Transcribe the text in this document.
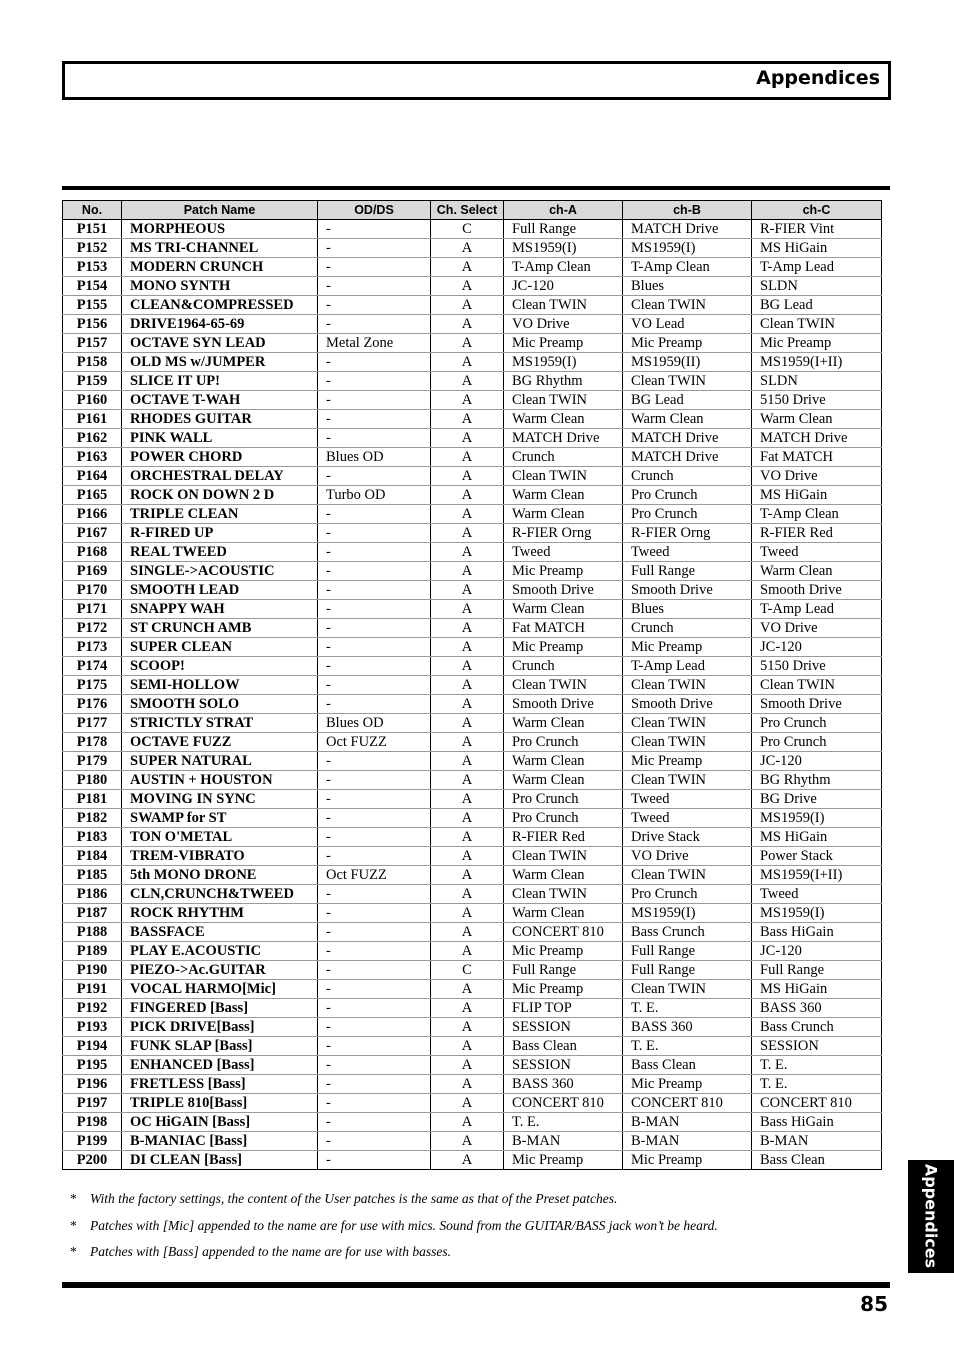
Appendices
No.	Patch Name	OD/DS	Ch. Select	ch-A	ch-B	ch-C
P151	MORPHEOUS	-	C	Full Range	MATCH Drive	R-FIER Vint
P152	MS TRI-CHANNEL	-	A	MS1959(I)	MS1959(I)	MS HiGain
P153	MODERN CRUNCH	-	A	T-Amp Clean	T-Amp Clean	T-Amp Lead
P154	MONO SYNTH	-	A	JC-120	Blues	SLDN
P155	CLEAN&COMPRESSED	-	A	Clean TWIN	Clean TWIN	BG Lead
P156	DRIVE1964-65-69	-	A	VO Drive	VO Lead	Clean TWIN
P157	OCTAVE SYN LEAD	Metal Zone	A	Mic Preamp	Mic Preamp	Mic Preamp
P158	OLD MS w/JUMPER	-	A	MS1959(I)	MS1959(II)	MS1959(I+II)
P159	SLICE IT UP!	-	A	BG Rhythm	Clean TWIN	SLDN
P160	OCTAVE T-WAH	-	A	Clean TWIN	BG Lead	5150 Drive
P161	RHODES GUITAR	-	A	Warm Clean	Warm Clean	Warm Clean
P162	PINK WALL	-	A	MATCH Drive	MATCH Drive	MATCH Drive
P163	POWER CHORD	Blues OD	A	Crunch	MATCH Drive	Fat MATCH
P164	ORCHESTRAL DELAY	-	A	Clean TWIN	Crunch	VO Drive
P165	ROCK ON DOWN 2 D	Turbo OD	A	Warm Clean	Pro Crunch	MS HiGain
P166	TRIPLE CLEAN	-	A	Warm Clean	Pro Crunch	T-Amp Clean
P167	R-FIRED UP	-	A	R-FIER Orng	R-FIER Orng	R-FIER Red
P168	REAL TWEED	-	A	Tweed	Tweed	Tweed
P169	SINGLE->ACOUSTIC	-	A	Mic Preamp	Full Range	Warm Clean
P170	SMOOTH LEAD	-	A	Smooth Drive	Smooth Drive	Smooth Drive
P171	SNAPPY WAH	-	A	Warm Clean	Blues	T-Amp Lead
P172	ST CRUNCH AMB	-	A	Fat MATCH	Crunch	VO Drive
P173	SUPER CLEAN	-	A	Mic Preamp	Mic Preamp	JC-120
P174	SCOOP!	-	A	Crunch	T-Amp Lead	5150 Drive
P175	SEMI-HOLLOW	-	A	Clean TWIN	Clean TWIN	Clean TWIN
P176	SMOOTH SOLO	-	A	Smooth Drive	Smooth Drive	Smooth Drive
P177	STRICTLY STRAT	Blues OD	A	Warm Clean	Clean TWIN	Pro Crunch
P178	OCTAVE FUZZ	Oct FUZZ	A	Pro Crunch	Clean TWIN	Pro Crunch
P179	SUPER NATURAL	-	A	Warm Clean	Mic Preamp	JC-120
P180	AUSTIN + HOUSTON	-	A	Warm Clean	Clean TWIN	BG Rhythm
P181	MOVING IN SYNC	-	A	Pro Crunch	Tweed	BG Drive
P182	SWAMP for ST	-	A	Pro Crunch	Tweed	MS1959(I)
P183	TON O'METAL	-	A	R-FIER Red	Drive Stack	MS HiGain
P184	TREM-VIBRATO	-	A	Clean TWIN	VO Drive	Power Stack
P185	5th MONO DRONE	Oct FUZZ	A	Warm Clean	Clean TWIN	MS1959(I+II)
P186	CLN,CRUNCH&TWEED	-	A	Clean TWIN	Pro Crunch	Tweed
P187	ROCK RHYTHM	-	A	Warm Clean	MS1959(I)	MS1959(I)
P188	BASSFACE	-	A	CONCERT 810	Bass Crunch	Bass HiGain
P189	PLAY E.ACOUSTIC	-	A	Mic Preamp	Full Range	JC-120
P190	PIEZO->Ac.GUITAR	-	C	Full Range	Full Range	Full Range
P191	VOCAL HARMO[Mic]	-	A	Mic Preamp	Clean TWIN	MS HiGain
P192	FINGERED [Bass]	-	A	FLIP TOP	T. E.	BASS 360
P193	PICK DRIVE[Bass]	-	A	SESSION	BASS 360	Bass Crunch
P194	FUNK SLAP [Bass]	-	A	Bass Clean	T. E.	SESSION
P195	ENHANCED [Bass]	-	A	SESSION	Bass Clean	T. E.
P196	FRETLESS [Bass]	-	A	BASS 360	Mic Preamp	T. E.
P197	TRIPLE 810[Bass]	-	A	CONCERT 810	CONCERT 810	CONCERT 810
P198	OC HiGAIN [Bass]	-	A	T. E.	B-MAN	Bass HiGain
P199	B-MANIAC [Bass]	-	A	B-MAN	B-MAN	B-MAN
P200	DI CLEAN [Bass]	-	A	Mic Preamp	Mic Preamp	Bass Clean
* With the factory settings, the content of the User patches is the same as that of the Preset patches.
* Patches with [Mic] appended to the name are for use with mics. Sound from the GUITAR/BASS jack won’t be heard.
* Patches with [Bass] appended to the name are for use with basses.
85
Appendices
